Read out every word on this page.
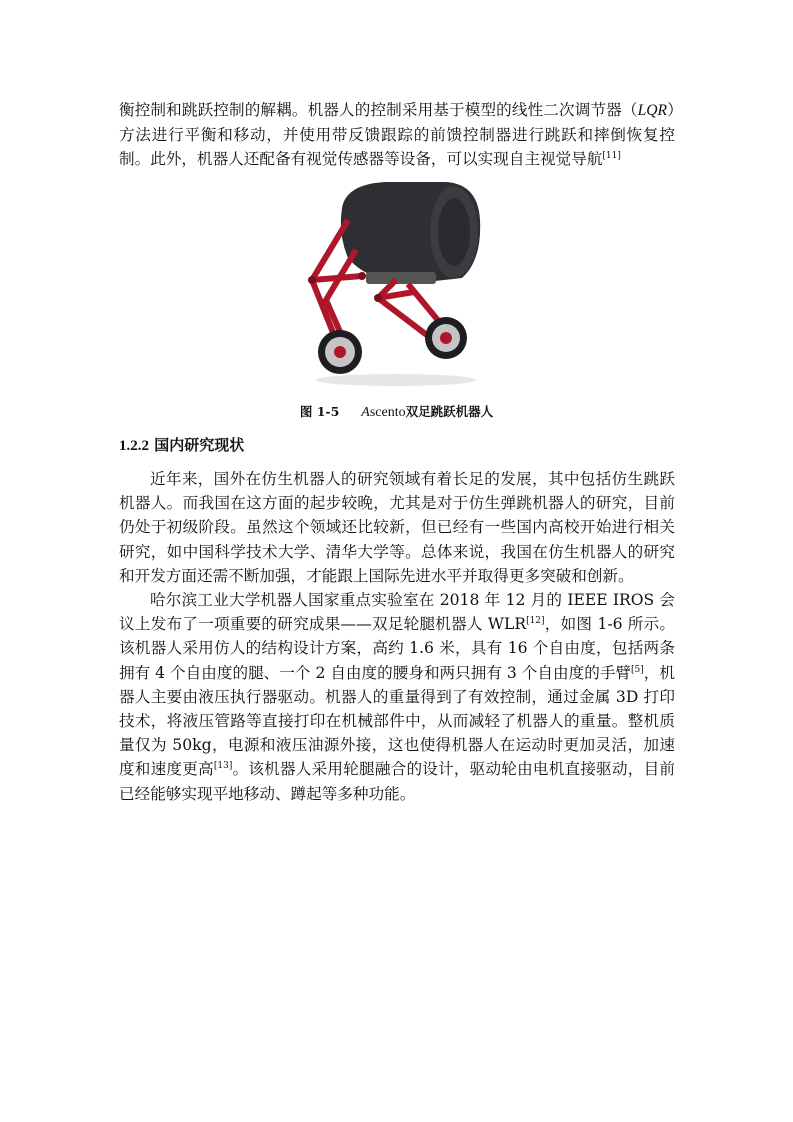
衡控制和跳跃控制的解耦。机器人的控制采用基于模型的线性二次调节器（LQR）方法进行平衡和移动，并使用带反馈跟踪的前馈控制器进行跳跃和摔倒恢复控制。此外，机器人还配备有视觉传感器等设备，可以实现自主视觉导航[11]

图 1-5 Ascento双足跳跃机器人
1.2.2 国内研究现状

近年来，国外在仿生机器人的研究领域有着长足的发展，其中包括仿生跳跃机器人。而我国在这方面的起步较晚，尤其是对于仿生弹跳机器人的研究，目前仍处于初级阶段。虽然这个领域还比较新，但已经有一些国内高校开始进行相关研究，如中国科学技术大学、清华大学等。总体来说，我国在仿生机器人的研究和开发方面还需不断加强，才能跟上国际先进水平并取得更多突破和创新。

哈尔滨工业大学机器人国家重点实验室在 2018 年 12 月的 IEEE IROS 会议上发布了一项重要的研究成果——双足轮腿机器人 WLR[12]，如图 1-6 所示。该机器人采用仿人的结构设计方案，高约 1.6 米，具有 16 个自由度，包括两条拥有 4 个自由度的腿、一个 2 自由度的腰身和两只拥有 3 个自由度的手臂[5]，机器人主要由液压执行器驱动。机器人的重量得到了有效控制，通过金属 3D 打印技术，将液压管路等直接打印在机械部件中，从而减轻了机器人的重量。整机质量仅为 50kg，电源和液压油源外接，这也使得机器人在运动时更加灵活，加速度和速度更高[13]。该机器人采用轮腿融合的设计，驱动轮由电机直接驱动，目前已经能够实现平地移动、蹲起等多种功能。
